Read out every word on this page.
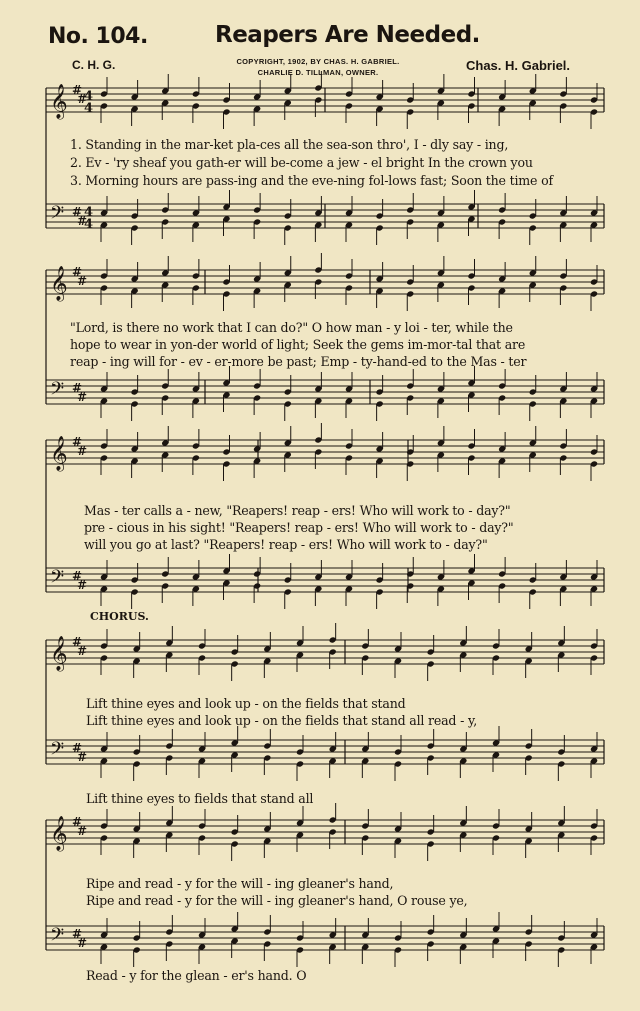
No. 104.	Reapers Are Needed.
C. H. G.	COPYRIGHT, 1902, BY CHAS. H. GABRIEL.
CHARLIE D. TILLMAN, OWNER.	Chas. H. Gabriel.
𝄞
𝄢
#
#
#
#
4
4
4
4
𝄞
𝄢
#
#
#
#
𝄞
𝄢
#
#
#
#
𝄞
𝄢
#
#
#
#
𝄞
𝄢
#
#
#
#
1. Standing in the mar-ket pla-ces all the sea-son thro', I - dly say - ing,
2. Ev - 'ry sheaf you gath-er will be-come a jew - el bright In the crown you
3. Morning hours are pass-ing and the eve-ning fol-lows fast; Soon the time of
"Lord, is there no work that I can do?" O how man - y loi - ter, while the
hope to wear in yon-der world of light; Seek the gems im-mor-tal that are
reap - ing will for - ev - er-more be past; Emp - ty-hand-ed to the Mas - ter
Mas - ter calls a - new, "Reapers! reap - ers! Who will work to - day?"
pre - cious in his sight! "Reapers! reap - ers! Who will work to - day?"
will you go at last? "Reapers! reap - ers! Who will work to - day?"
CHORUS.
Lift thine eyes and look up - on the fields that stand
Lift thine eyes and look up - on the fields that stand all read - y,
Lift thine eyes to fields that stand all
Ripe and read - y for the will - ing gleaner's hand,
Ripe and read - y for the will - ing gleaner's hand, O rouse ye,
Read - y for the glean - er's hand. O
